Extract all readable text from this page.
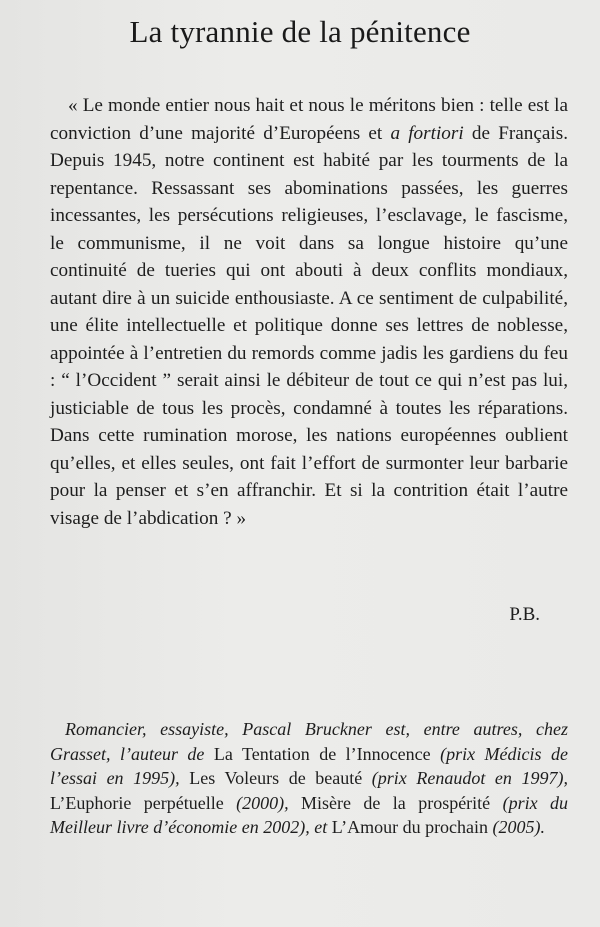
La tyrannie de la pénitence

« Le monde entier nous hait et nous le méritons bien : telle est la conviction d’une majorité d’Européens et a fortiori de Français. Depuis 1945, notre continent est habité par les tourments de la repentance. Ressassant ses abominations passées, les guerres incessantes, les persécutions religieuses, l’esclavage, le fascisme, le communisme, il ne voit dans sa longue histoire qu’une continuité de tueries qui ont abouti à deux conflits mondiaux, autant dire à un suicide enthousiaste. A ce sentiment de culpabilité, une élite intellectuelle et politique donne ses lettres de noblesse, appointée à l’entretien du remords comme jadis les gardiens du feu : “ l’Occident ” serait ainsi le débiteur de tout ce qui n’est pas lui, justiciable de tous les procès, condamné à toutes les réparations. Dans cette rumination morose, les nations européennes oublient qu’elles, et elles seules, ont fait l’effort de surmonter leur barbarie pour la penser et s’en affranchir. Et si la contrition était l’autre visage de l’abdication ? »

P.B.

Romancier, essayiste, Pascal Bruckner est, entre autres, chez Grasset, l’auteur de La Tentation de l’Innocence (prix Médicis de l’essai en 1995), Les Voleurs de beauté (prix Renaudot en 1997), L’Euphorie perpétuelle (2000), Misère de la prospérité (prix du Meilleur livre d’économie en 2002), et L’Amour du prochain (2005).
